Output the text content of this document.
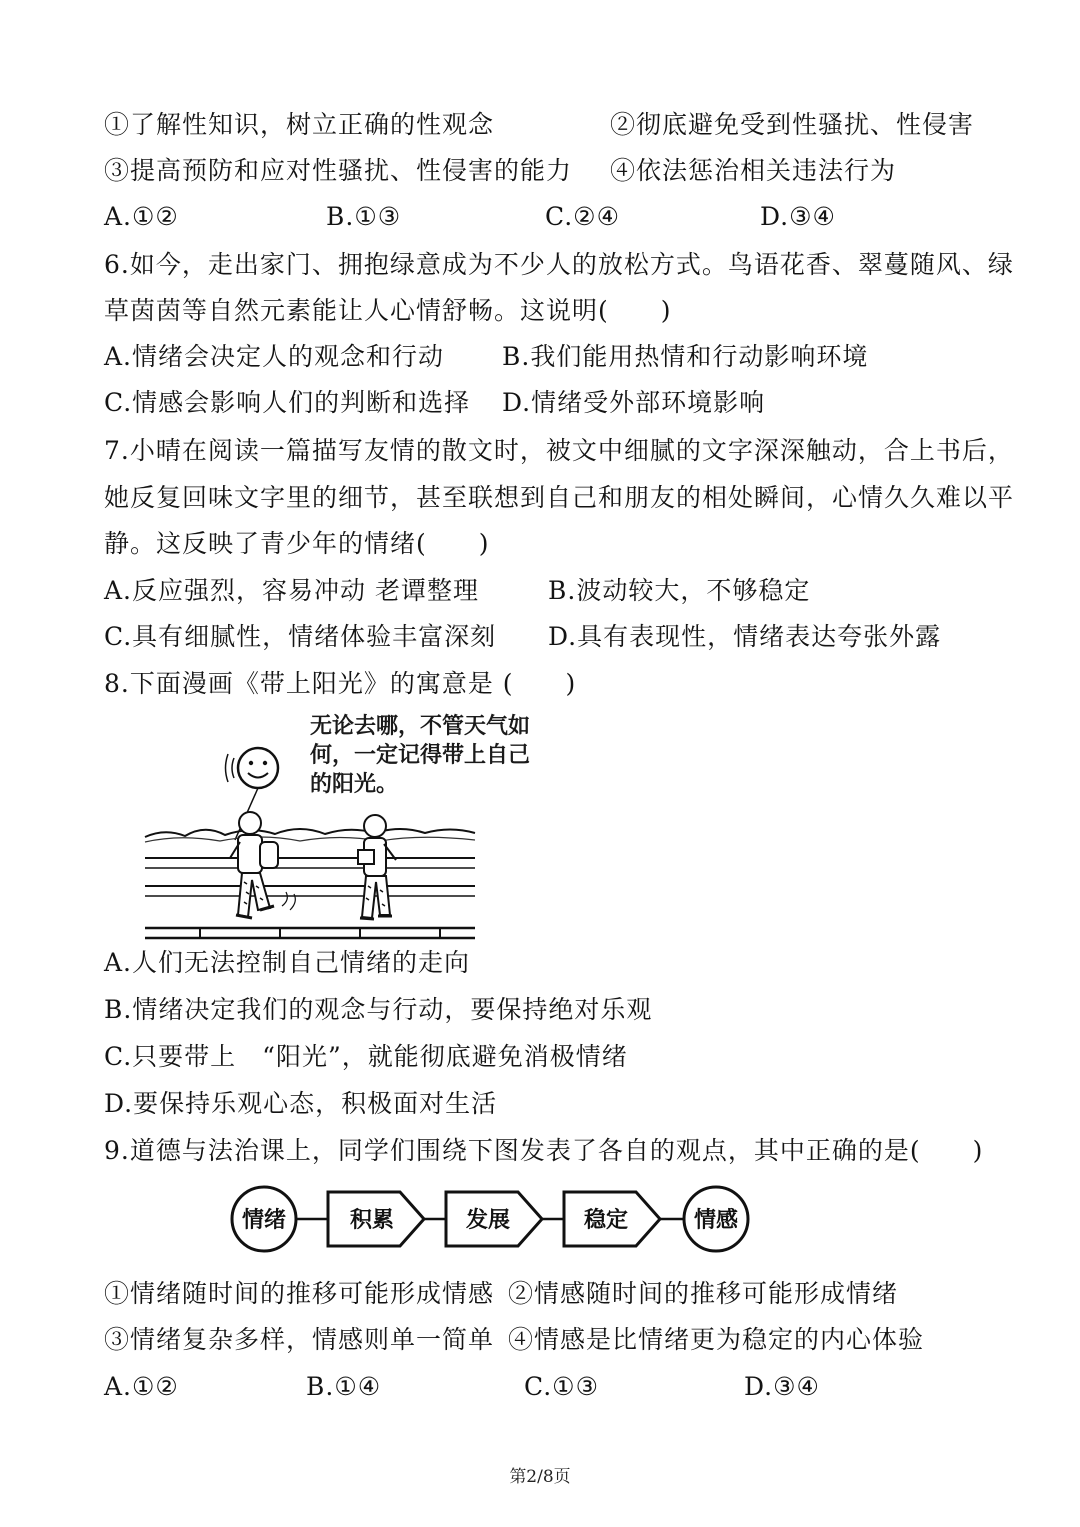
①了解性知识，树立正确的性观念	②彻底避免受到性骚扰、性侵害
③提高预防和应对性骚扰、性侵害的能力 ④依法惩治相关违法行为
A.①②	B.①③	C.②④	D.③④
6.如今，走出家门、拥抱绿意成为不少人的放松方式。鸟语花香、翠蔓随风、绿
草茵茵等自然元素能让人心情舒畅。这说明(　　)
A.情绪会决定人的观念和行动 B.我们能用热情和行动影响环境
C.情感会影响人们的判断和选择 D.情绪受外部环境影响
7.小晴在阅读一篇描写友情的散文时，被文中细腻的文字深深触动，合上书后，
她反复回味文字里的细节，甚至联想到自己和朋友的相处瞬间，心情久久难以平
静。这反映了青少年的情绪(　　)
A.反应强烈，容易冲动 老谭整理	B.波动较大，不够稳定
C.具有细腻性，情绪体验丰富深刻 D.具有表现性，情绪表达夸张外露
8.下面漫画《带上阳光》的寓意是 (　　)
无论去哪，不管天气如
何，一定记得带上自己
的阳光。
A.人们无法控制自己情绪的走向
B.情绪决定我们的观念与行动，要保持绝对乐观
C.只要带上　“阳光”，就能彻底避免消极情绪
D.要保持乐观心态，积极面对生活
9.道德与法治课上，同学们围绕下图发表了各自的观点，其中正确的是(　　)
情绪	积累	发展	稳定	情感
①情绪随时间的推移可能形成情感 ②情感随时间的推移可能形成情绪
③情绪复杂多样，情感则单一简单 ④情感是比情绪更为稳定的内心体验
A.①②	B.①④	C.①③	D.③④
第2/8页
